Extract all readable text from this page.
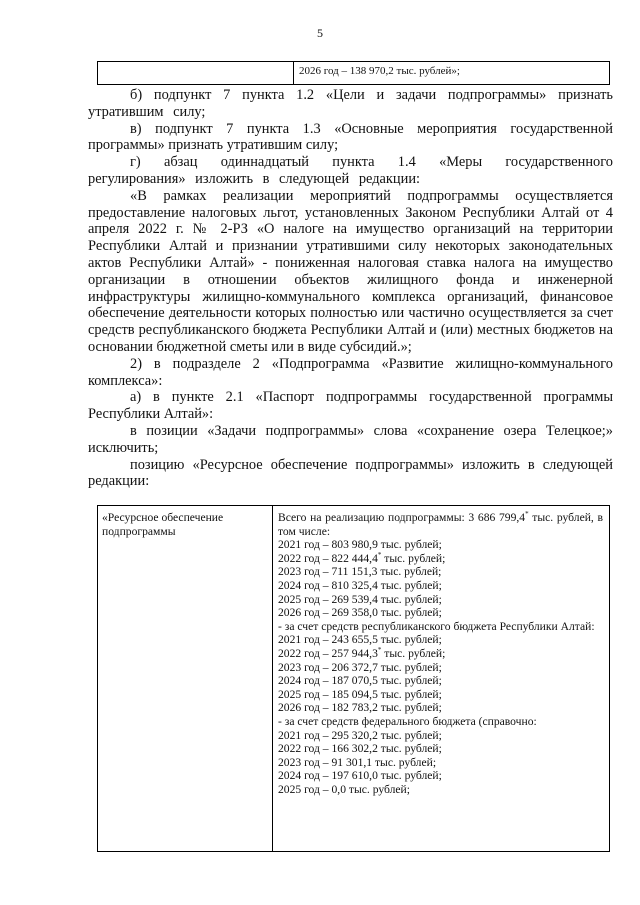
5
2026 год – 138 970,2 тыс. рублей»;

б) подпункт 7 пункта 1.2 «Цели и задачи подпрограммы» признать утратившим силу;

в) подпункт 7 пункта 1.3 «Основные мероприятия государственной программы» признать утратившим силу;

г) абзац одиннадцатый пункта 1.4 «Меры государственного регулирования» изложить в следующей редакции:

«В рамках реализации мероприятий подпрограммы осуществляется предоставление налоговых льгот, установленных Законом Республики Алтай от 4 апреля 2022 г. № 2-РЗ «О налоге на имущество организаций на территории Республики Алтай и признании утратившими силу некоторых законодательных актов Республики Алтай» - пониженная налоговая ставка налога на имущество организации в отношении объектов жилищного фонда и инженерной инфраструктуры жилищно-коммунального комплекса организаций, финансовое обеспечение деятельности которых полностью или частично осуществляется за счет средств республиканского бюджета Республики Алтай и (или) местных бюджетов на основании бюджетной сметы или в виде субсидий.»;

2) в подразделе 2 «Подпрограмма «Развитие жилищно-коммунального комплекса»:

а) в пункте 2.1 «Паспорт подпрограммы государственной программы Республики Алтай»:

в позиции «Задачи подпрограммы» слова «сохранение озера Телецкое;» исключить;

позицию «Ресурсное обеспечение подпрограммы» изложить в следующей редакции:

«Ресурсное обеспечение подпрограммы
Всего на реализацию подпрограммы: 3 686 799,4* тыс. рублей, в том числе:
2021 год – 803 980,9 тыс. рублей;
2022 год – 822 444,4* тыс. рублей;
2023 год – 711 151,3 тыс. рублей;
2024 год – 810 325,4 тыс. рублей;
2025 год – 269 539,4 тыс. рублей;
2026 год – 269 358,0 тыс. рублей;
- за счет средств республиканского бюджета Республики Алтай:
2021 год – 243 655,5 тыс. рублей;
2022 год – 257 944,3* тыс. рублей;
2023 год – 206 372,7 тыс. рублей;
2024 год – 187 070,5 тыс. рублей;
2025 год – 185 094,5 тыс. рублей;
2026 год – 182 783,2 тыс. рублей;
- за счет средств федерального бюджета (справочно:
2021 год – 295 320,2 тыс. рублей;
2022 год – 166 302,2 тыс. рублей;
2023 год – 91 301,1 тыс. рублей;
2024 год – 197 610,0 тыс. рублей;
2025 год – 0,0 тыс. рублей;
